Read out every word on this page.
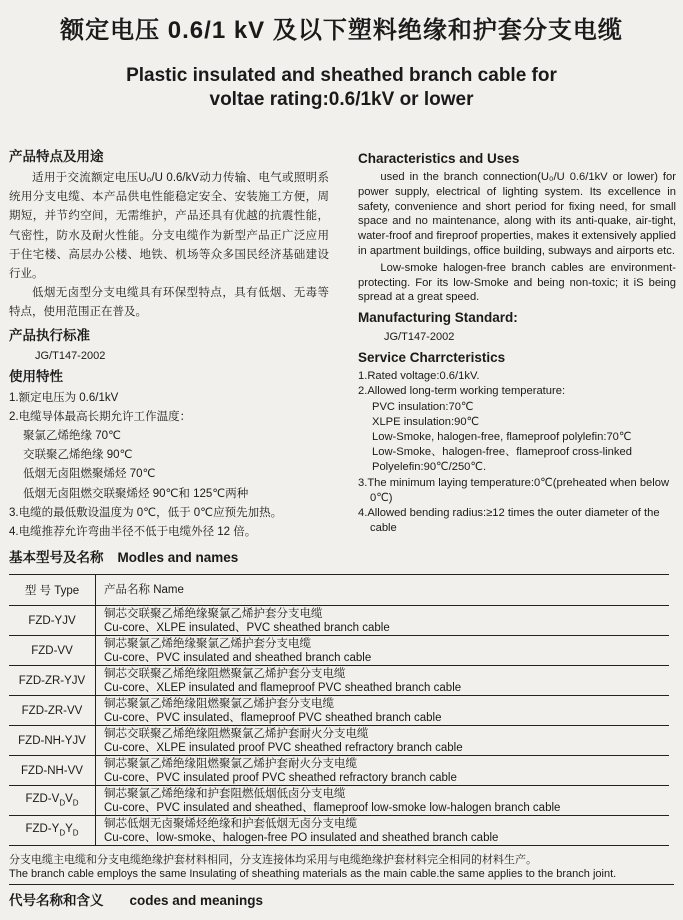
额定电压 0.6/1 kV 及以下塑料绝缘和护套分支电缆
Plastic insulated and sheathed branch cable for
voltae rating:0.6/1kV or lower
产品特点及用途

适用于交流额定电压U₀/U 0.6/kV动力传输、电气或照明系统用分支电缆、本产品供电性能稳定安全、安装施工方便，周期短，并节约空间，无需维护，产品还具有优越的抗震性能，气密性，防水及耐火性能。分支电缆作为新型产品正广泛应用于住宅楼、高层办公楼、地铁、机场等众多国民经济基础建设行业。

低烟无卤型分支电缆具有环保型特点，具有低烟、无毒等特点，使用范围正在普及。

产品执行标准
JG/T147-2002
使用特性
1.额定电压为 0.6/1kV
2.电缆导体最高长期允许工作温度：
聚氯乙烯绝缘 70℃
交联聚乙烯绝缘 90℃
低烟无卤阻燃聚烯烃 70℃
低烟无卤阻燃交联聚烯烃 90℃和 125℃两种
3.电缆的最低敷设温度为 0℃，低于 0℃应预先加热。
4.电缆推荐允许弯曲半径不低于电缆外径 12 倍。
Characteristics and Uses

used in the branch connection(U₀/U 0.6/1kV or lower) for power supply, electrical of lighting system. Its excellence in safety, convenience and short period for fixing need, for small space and no maintenance, along with its anti-quake, air-tight, water-froof and fireproof properties, makes it extensively applied in apartment buildings, office building, subways and airports etc.

Low-smoke halogen-free branch cables are environment-protecting. For its low-Smoke and being non-toxic; it iS being spread at a great speed.

Manufacturing Standard:
JG/T147-2002
Service Charrcteristics
1.Rated voltage:0.6/1kV.
2.Allowed long-term working temperature:
PVC insulation:70℃
XLPE insulation:90℃
Low-Smoke, halogen-free, flameproof polylefin:70℃
Low-Smoke、halogen-free、flameproof cross-linked Polyelefin:90℃/250℃.
3.The minimum laying temperature:0℃(preheated when below 0℃)
4.Allowed bending radius:≥12 times the outer diameter of the cable
基本型号及名称 Modles and names
型 号 Type	产品名称 Name
FZD-YJV	铜芯交联聚乙烯绝缘聚氯乙烯护套分支电缆
Cu-core、XLPE insulated、PVC sheathed branch cable

FZD-VV	铜芯聚氯乙烯绝缘聚氯乙烯护套分支电缆
Cu-core、PVC insulated and sheathed branch cable

FZD-ZR-YJV	铜芯交联聚乙烯绝缘阻燃聚氯乙烯护套分支电缆
Cu-core、XLEP insulated and flameproof PVC sheathed branch cable

FZD-ZR-VV	铜芯聚氯乙烯绝缘阻燃聚氯乙烯护套分支电缆
Cu-core、PVC insulated、flameproof PVC sheathed branch cable

FZD-NH-YJV	铜芯交联聚乙烯绝缘阻燃聚氯乙烯护套耐火分支电缆
Cu-core、XLPE insulated proof PVC sheathed refractory branch cable

FZD-NH-VV	铜芯聚氯乙烯绝缘阻燃聚氯乙烯护套耐火分支电缆
Cu-core、PVC insulated proof PVC sheathed refractory branch cable

FZD-$V_DV_D$	铜芯聚氯乙烯绝缘和护套阻燃低烟低卤分支电缆
Cu-core、PVC insulated and sheathed、flameproof low-smoke low-halogen branch cable

FZD-$Y_DY_D$	铜芯低烟无卤聚烯烃绝缘和护套低烟无卤分支电缆
Cu-core、low-smoke、halogen-free PO insulated and sheathed branch cable
分支电缆主电缆和分支电缆绝缘护套材料相同，分支连接体均采用与电缆绝缘护套材料完全相同的材料生产。
The branch cable employs the same Insulating of sheathing materials as the main cable.the same applies to the branch joint.
代号名称和含义 codes and meanings
